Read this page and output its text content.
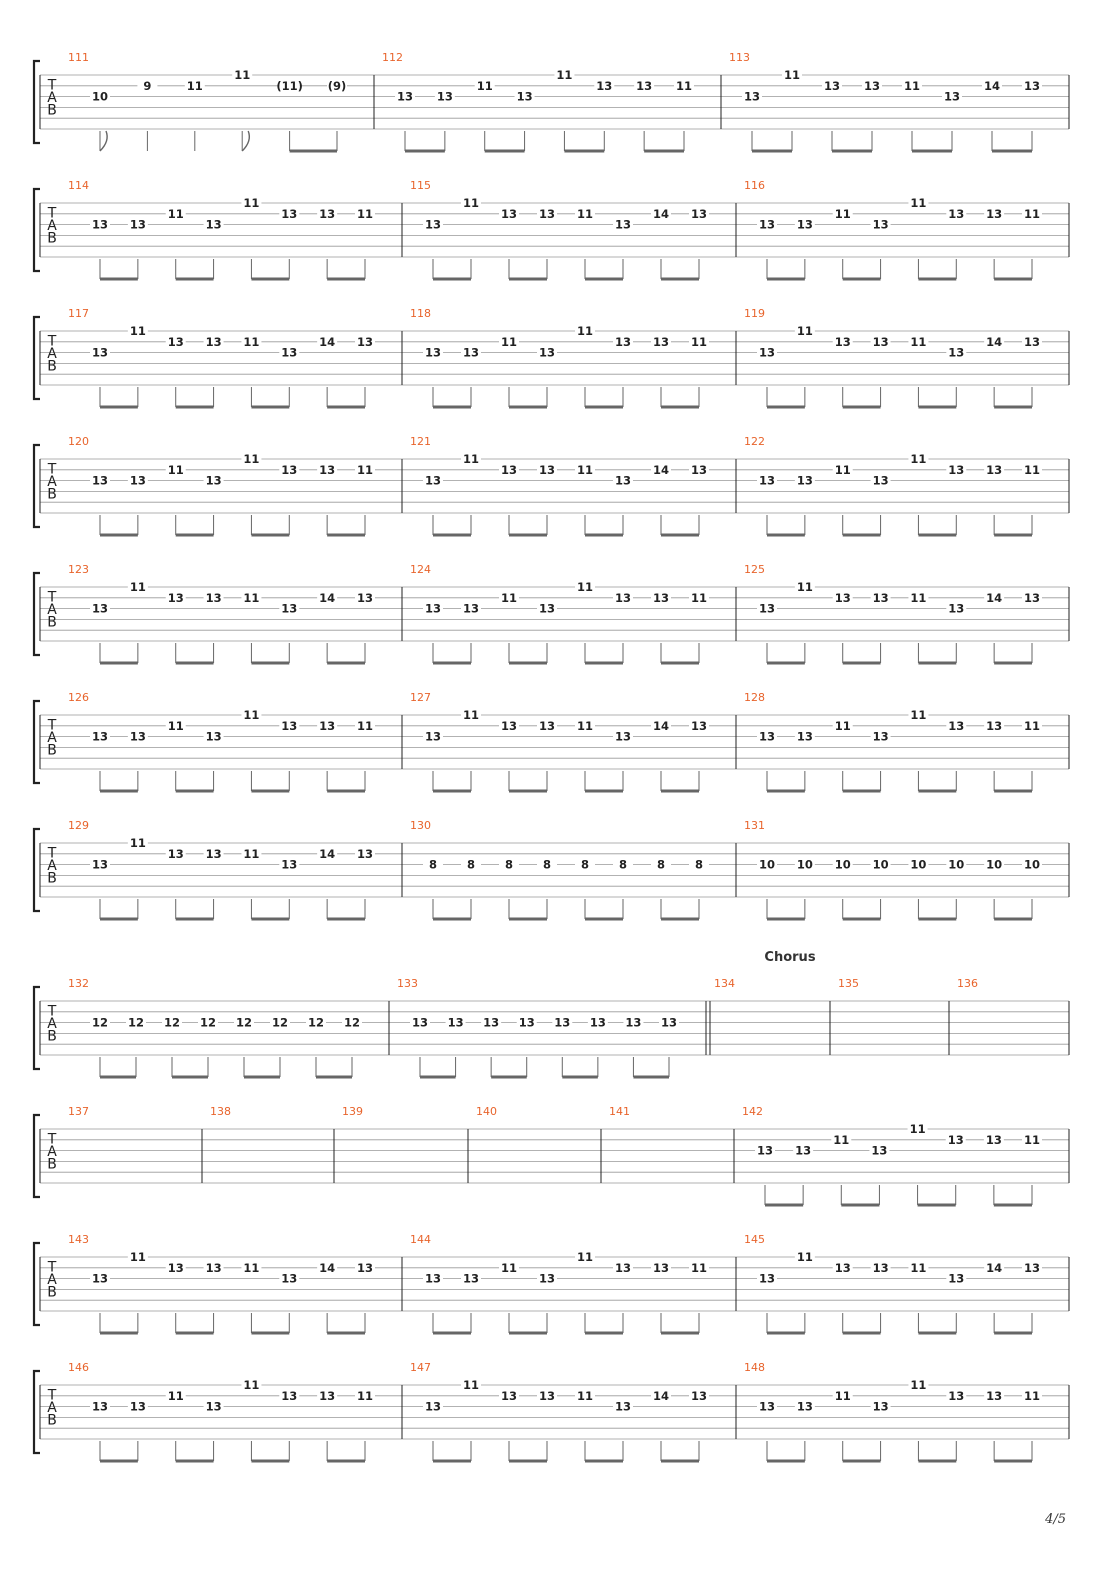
T
A
B
111
10
9	11
11
(11) (9)
112
13 13
11
13
11
13 13 11
113
13
11
13 13 11
13
14 13
T
A
B
114
13 13
11
13
11
13 13 11
115
13
11
13 13 11
13
14 13
116
13 13
11
13
11
13 13 11
T
A
B
117
13
11
13 13 11
13
14 13
118
13 13
11
13
11
13 13 11
119
13
11
13 13 11
13
14 13
T
A
B
120
13 13
11
13
11
13 13 11
121
13
11
13 13 11
13
14 13
122
13 13
11
13
11
13 13 11
T
A
B
123
13
11
13 13 11
13
14 13
124
13 13
11
13
11
13 13 11
125
13
11
13 13 11
13
14 13
T
A
B
126
13 13
11
13
11
13 13 11
127
13
11
13 13 11
13
14 13
128
13 13
11
13
11
13 13 11
T
A
B
129
13
11
13 13 11
13
14 13
130
8	8	8	8	8	8	8	8
131
10 10 10 10 10 10 10 10
T
A
B
132
12 12 12 12 12 12 12 12
133
13 13 13 13 13 13 13 13
134	135	136
T
A
B
137	138	139	140	141	142
13 13
11
13
11
13 13 11
T
A
B
143
13
11
13 13 11
13
14 13
144
13 13
11
13
11
13 13 11
145
13
11
13 13 11
13
14 13
T
A
B
146
13 13
11
13
11
13 13 11
147
13
11
13 13 11
13
14 13
148
13 13
11
13
11
13 13 11
Chorus
4/5
